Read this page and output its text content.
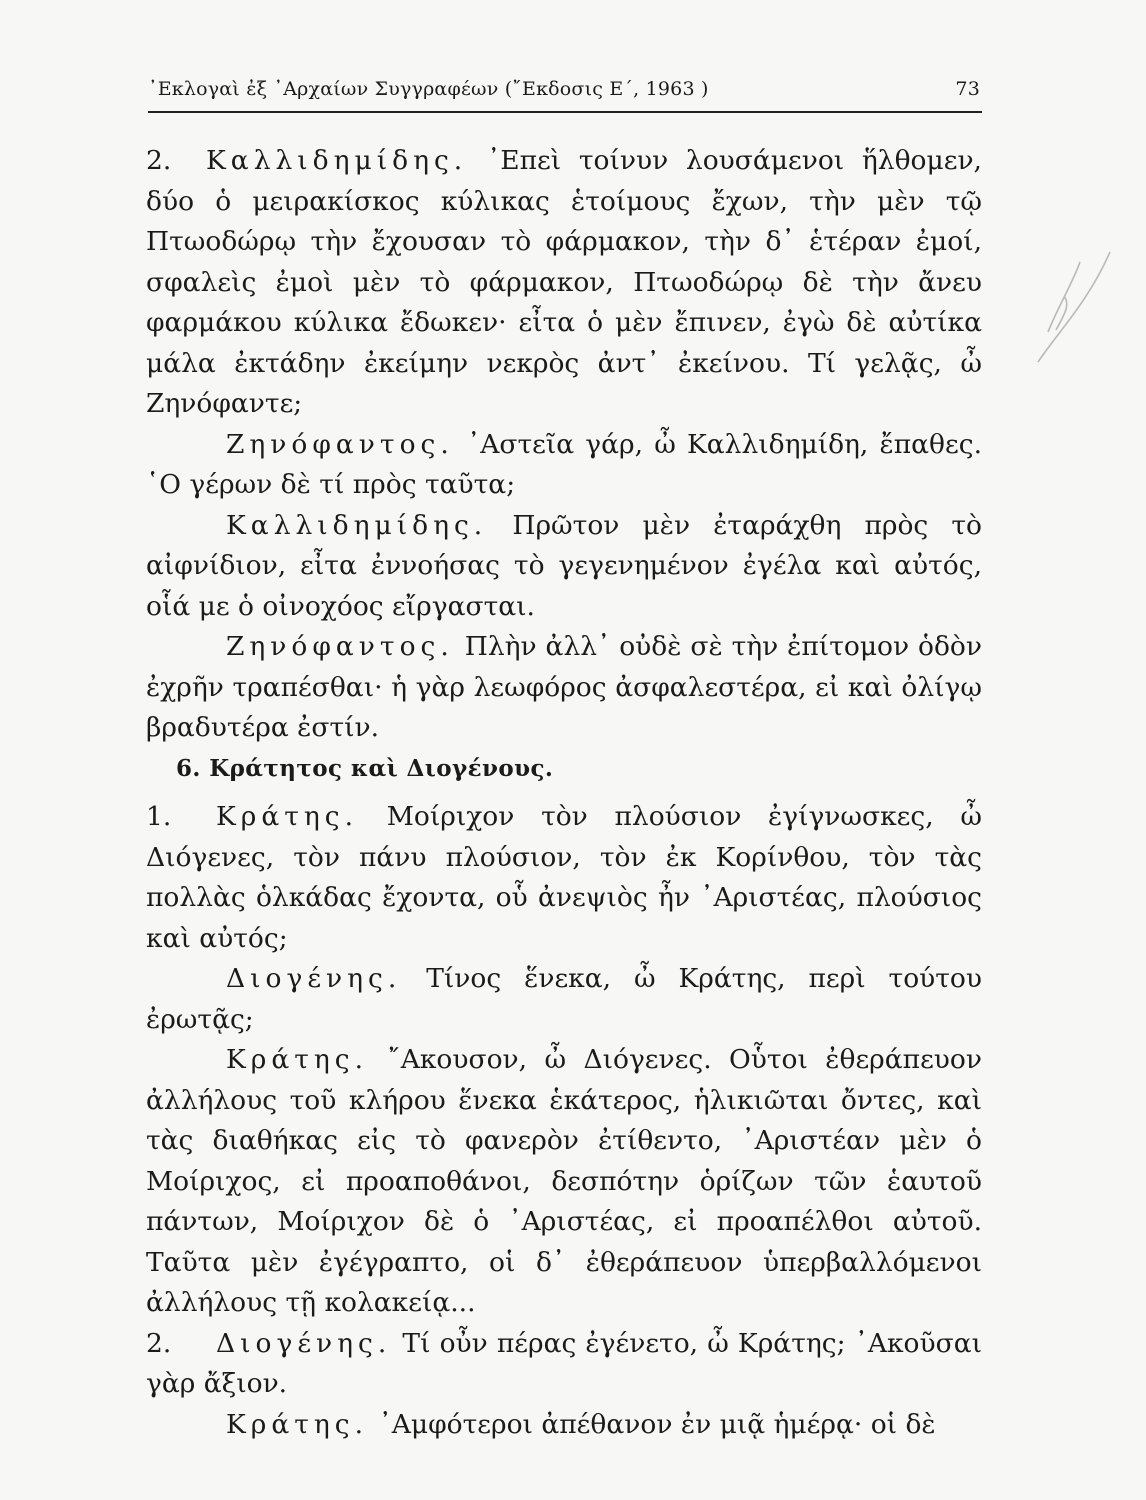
᾿Εκλογαὶ ἐξ ᾿Αρχαίων Συγγραφέων (῎Εκδοσις Ε΄, 1963 )	73

2. Καλλιδημίδης. ᾿Επεὶ τοίνυν λουσάμενοι ἥλθομεν, δύο ὁ μειρακίσκος κύλικας ἑτοίμους ἔχων, τὴν μὲν τῷ Πτωοδώρῳ τὴν ἔχουσαν τὸ φάρμακον, τὴν δ᾿ ἑτέραν ἐμοί, σφαλεὶς ἐμοὶ μὲν τὸ φάρμακον, Πτωοδώρῳ δὲ τὴν ἄνευ φαρμάκου κύλικα ἔδωκεν· εἶτα ὁ μὲν ἔπινεν, ἐγὼ δὲ αὐτίκα μάλα ἐκτάδην ἐκείμην νεκρὸς ἀντ᾿ ἐκείνου. Τί γελᾷς, ὦ Ζηνόφαντε;

Ζηνόφαντος. ᾿Αστεῖα γάρ, ὦ Καλλιδημίδη, ἔπαθες. ῾Ο γέρων δὲ τί πρὸς ταῦτα;

Καλλιδημίδης. Πρῶτον μὲν ἐταράχθη πρὸς τὸ αἰφνίδιον, εἶτα ἐννοήσας τὸ γεγενημένον ἐγέλα καὶ αὐτός, οἷά με ὁ οἰνοχόος εἴργασται.

Ζηνόφαντος. Πλὴν ἀλλ᾿ οὐδὲ σὲ τὴν ἐπίτομον ὁδὸν ἐχρῆν τραπέσθαι· ἡ γὰρ λεωφόρος ἀσφαλεστέρα, εἰ καὶ ὀλίγῳ βραδυτέρα ἐστίν.

6. Κράτητος καὶ Διογένους.

1. Κράτης. Μοίριχον τὸν πλούσιον ἐγίγνωσκες, ὦ Διόγενες, τὸν πάνυ πλούσιον, τὸν ἐκ Κορίνθου, τὸν τὰς πολλὰς ὁλκάδας ἔχοντα, οὗ ἀνεψιὸς ἦν ᾿Αριστέας, πλούσιος καὶ αὐτός;

Διογένης. Τίνος ἕνεκα, ὦ Κράτης, περὶ τούτου ἐρωτᾷς;

Κράτης. ῎Ακουσον, ὦ Διόγενες. Οὗτοι ἐθεράπευον ἀλλήλους τοῦ κλήρου ἕνεκα ἑκάτερος, ἡλικιῶται ὄντες, καὶ τὰς διαθήκας εἰς τὸ φανερὸν ἐτίθεντο, ᾿Αριστέαν μὲν ὁ Μοίριχος, εἰ προαποθάνοι, δεσπότην ὁρίζων τῶν ἑαυτοῦ πάντων, Μοίριχον δὲ ὁ ᾿Αριστέας, εἰ προαπέλθοι αὐτοῦ. Ταῦτα μὲν ἐγέγραπτο, οἱ δ᾿ ἐθεράπευον ὑπερβαλλόμενοι ἀλλήλους τῇ κολακείᾳ...

2. Διογένης. Τί οὖν πέρας ἐγένετο, ὦ Κράτης; ᾿Ακοῦσαι γὰρ ἄξιον.

Κράτης. ᾿Αμφότεροι ἀπέθανον ἐν μιᾷ ἡμέρᾳ· οἱ δὲ
